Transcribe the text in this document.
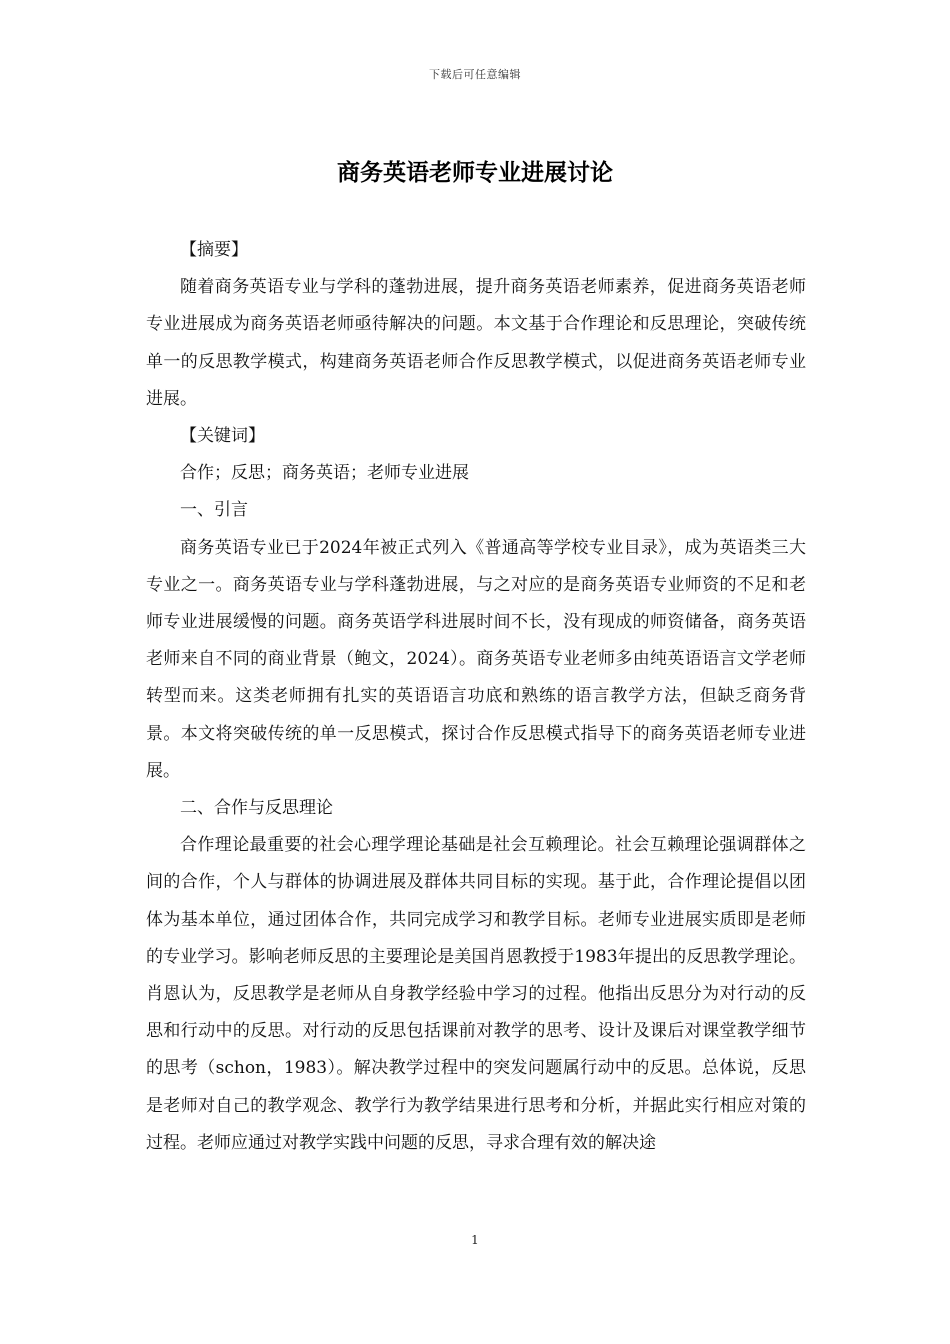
下载后可任意编辑
商务英语老师专业进展讨论

【摘要】

随着商务英语专业与学科的蓬勃进展，提升商务英语老师素养，促进商务英语老师专业进展成为商务英语老师亟待解决的问题。本文基于合作理论和反思理论，突破传统单一的反思教学模式，构建商务英语老师合作反思教学模式，以促进商务英语老师专业进展。

【关键词】

合作；反思；商务英语；老师专业进展

一、引言

商务英语专业已于2024年被正式列入《普通高等学校专业目录》，成为英语类三大专业之一。商务英语专业与学科蓬勃进展，与之对应的是商务英语专业师资的不足和老师专业进展缓慢的问题。商务英语学科进展时间不长，没有现成的师资储备，商务英语老师来自不同的商业背景（鲍文，2024）。商务英语专业老师多由纯英语语言文学老师转型而来。这类老师拥有扎实的英语语言功底和熟练的语言教学方法，但缺乏商务背景。本文将突破传统的单一反思模式，探讨合作反思模式指导下的商务英语老师专业进展。

二、合作与反思理论

合作理论最重要的社会心理学理论基础是社会互赖理论。社会互赖理论强调群体之间的合作，个人与群体的协调进展及群体共同目标的实现。基于此，合作理论提倡以团体为基本单位，通过团体合作，共同完成学习和教学目标。老师专业进展实质即是老师的专业学习。影响老师反思的主要理论是美国肖恩教授于1983年提出的反思教学理论。肖恩认为，反思教学是老师从自身教学经验中学习的过程。他指出反思分为对行动的反思和行动中的反思。对行动的反思包括课前对教学的思考、设计及课后对课堂教学细节的思考（schon，1983）。解决教学过程中的突发问题属行动中的反思。总体说，反思是老师对自己的教学观念、教学行为教学结果进行思考和分析，并据此实行相应对策的过程。老师应通过对教学实践中问题的反思，寻求合理有效的解决途

1
